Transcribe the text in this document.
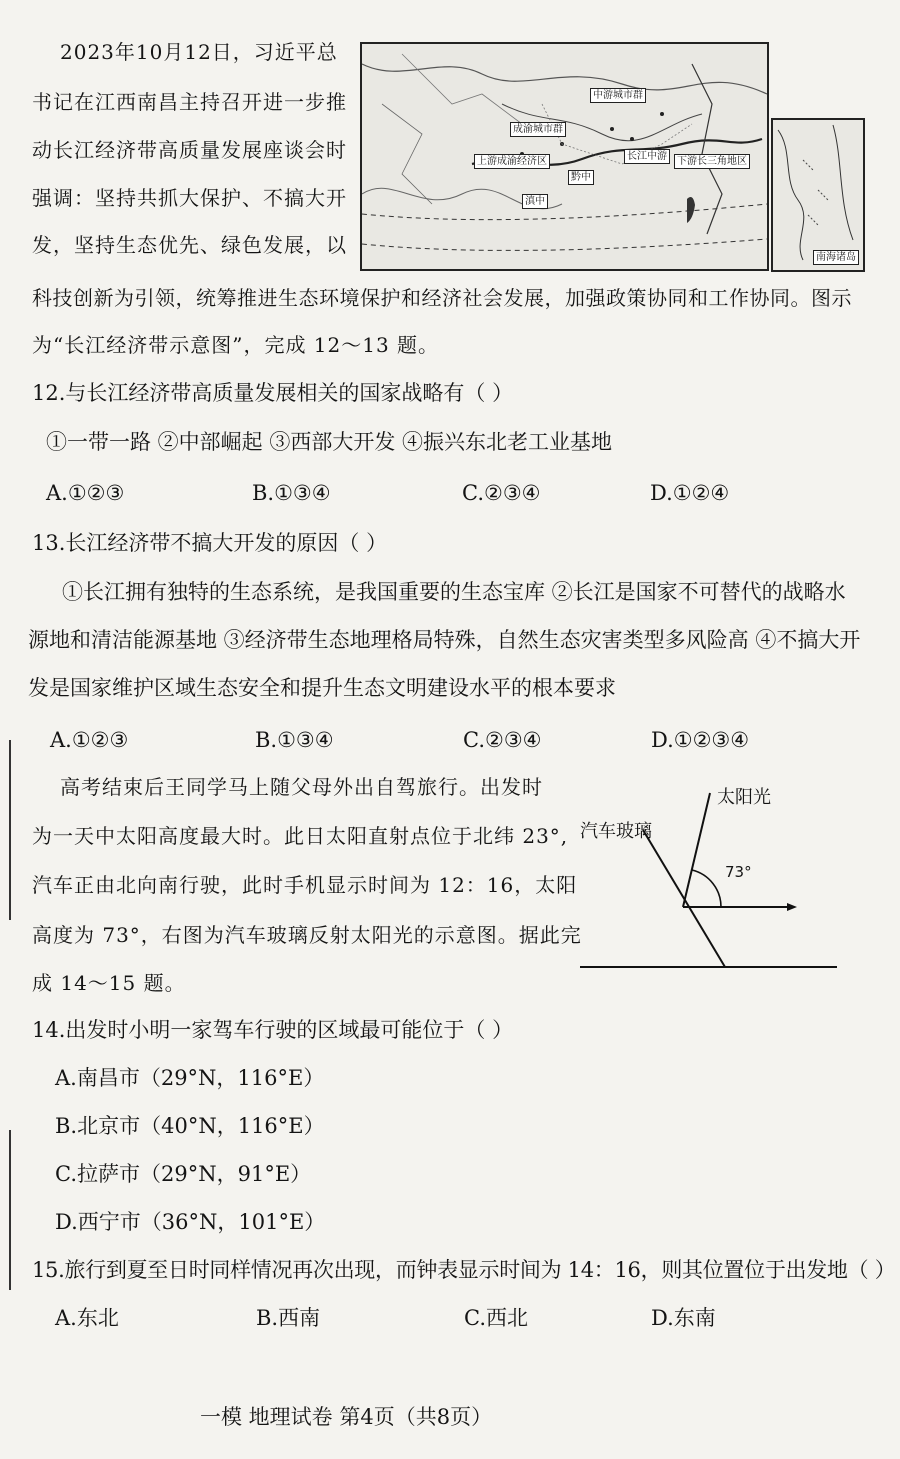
2023年10月12日，习近平总
书记在江西南昌主持召开进一步推
动长江经济带高质量发展座谈会时
强调：坚持共抓大保护、不搞大开
发，坚持生态优先、绿色发展，以
科技创新为引领，统筹推进生态环境保护和经济社会发展，加强政策协同和工作协同。图示
为“长江经济带示意图”，完成 12～13 题。
中游城市群
成渝城市群
上游成渝经济区
黔中
滇中
长江中游	下游长三角地区
南海诸岛
12.与长江经济带高质量发展相关的国家战略有（ ）
①一带一路 ②中部崛起 ③西部大开发 ④振兴东北老工业基地
A.①②③	B.①③④	C.②③④	D.①②④
13.长江经济带不搞大开发的原因（ ）
①长江拥有独特的生态系统，是我国重要的生态宝库 ②长江是国家不可替代的战略水
源地和清洁能源基地 ③经济带生态地理格局特殊，自然生态灾害类型多风险高 ④不搞大开
发是国家维护区域生态安全和提升生态文明建设水平的根本要求
A.①②③	B.①③④	C.②③④	D.①②③④
高考结束后王同学马上随父母外出自驾旅行。出发时
为一天中太阳高度最大时。此日太阳直射点位于北纬 23°,
汽车正由北向南行驶，此时手机显示时间为 12：16，太阳
高度为 73°，右图为汽车玻璃反射太阳光的示意图。据此完
成 14～15 题。
汽车玻璃
太阳光
73°
14.出发时小明一家驾车行驶的区域最可能位于（ ）
A.南昌市（29°N，116°E）
B.北京市（40°N，116°E）
C.拉萨市（29°N，91°E）
D.西宁市（36°N，101°E）
15.旅行到夏至日时同样情况再次出现，而钟表显示时间为 14：16，则其位置位于出发地（ ）
A.东北	B.西南	C.西北	D.东南
一模 地理试卷 第4页（共8页）
